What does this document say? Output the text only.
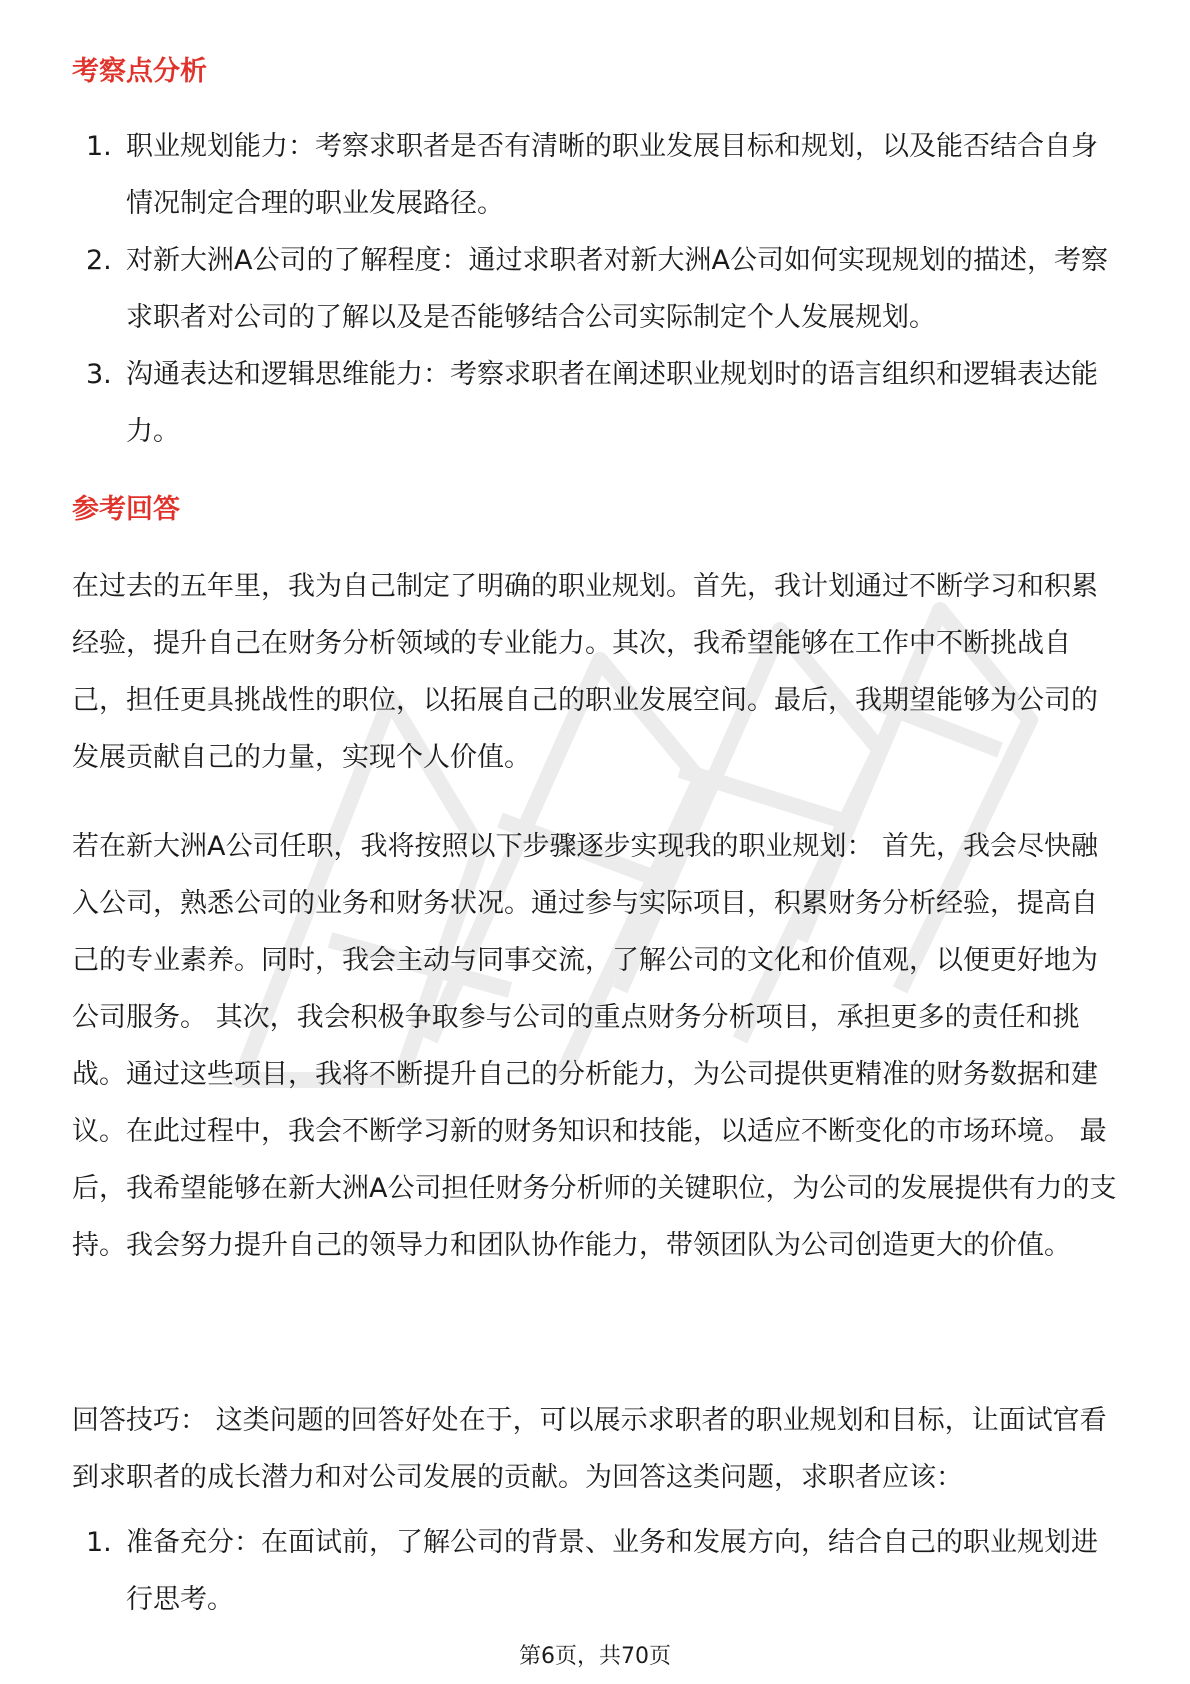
考察点分析
1. 职业规划能力：考察求职者是否有清晰的职业发展目标和规划，以及能否结合自身情况制定合理的职业发展路径。
2. 对新大洲A公司的了解程度：通过求职者对新大洲A公司如何实现规划的描述，考察求职者对公司的了解以及是否能够结合公司实际制定个人发展规划。
3. 沟通表达和逻辑思维能力：考察求职者在阐述职业规划时的语言组织和逻辑表达能力。
参考回答

在过去的五年里，我为自己制定了明确的职业规划。首先，我计划通过不断学习和积累经验，提升自己在财务分析领域的专业能力。其次，我希望能够在工作中不断挑战自己，担任更具挑战性的职位，以拓展自己的职业发展空间。最后，我期望能够为公司的发展贡献自己的力量，实现个人价值。

若在新大洲A公司任职，我将按照以下步骤逐步实现我的职业规划： 首先，我会尽快融入公司，熟悉公司的业务和财务状况。通过参与实际项目，积累财务分析经验，提高自己的专业素养。同时，我会主动与同事交流，了解公司的文化和价值观，以便更好地为公司服务。 其次，我会积极争取参与公司的重点财务分析项目，承担更多的责任和挑战。通过这些项目，我将不断提升自己的分析能力，为公司提供更精准的财务数据和建议。在此过程中，我会不断学习新的财务知识和技能，以适应不断变化的市场环境。 最后，我希望能够在新大洲A公司担任财务分析师的关键职位，为公司的发展提供有力的支持。我会努力提升自己的领导力和团队协作能力，带领团队为公司创造更大的价值。

回答技巧： 这类问题的回答好处在于，可以展示求职者的职业规划和目标，让面试官看到求职者的成长潜力和对公司发展的贡献。为回答这类问题，求职者应该：

1. 准备充分：在面试前，了解公司的背景、业务和发展方向，结合自己的职业规划进行思考。
第6页，共70页
